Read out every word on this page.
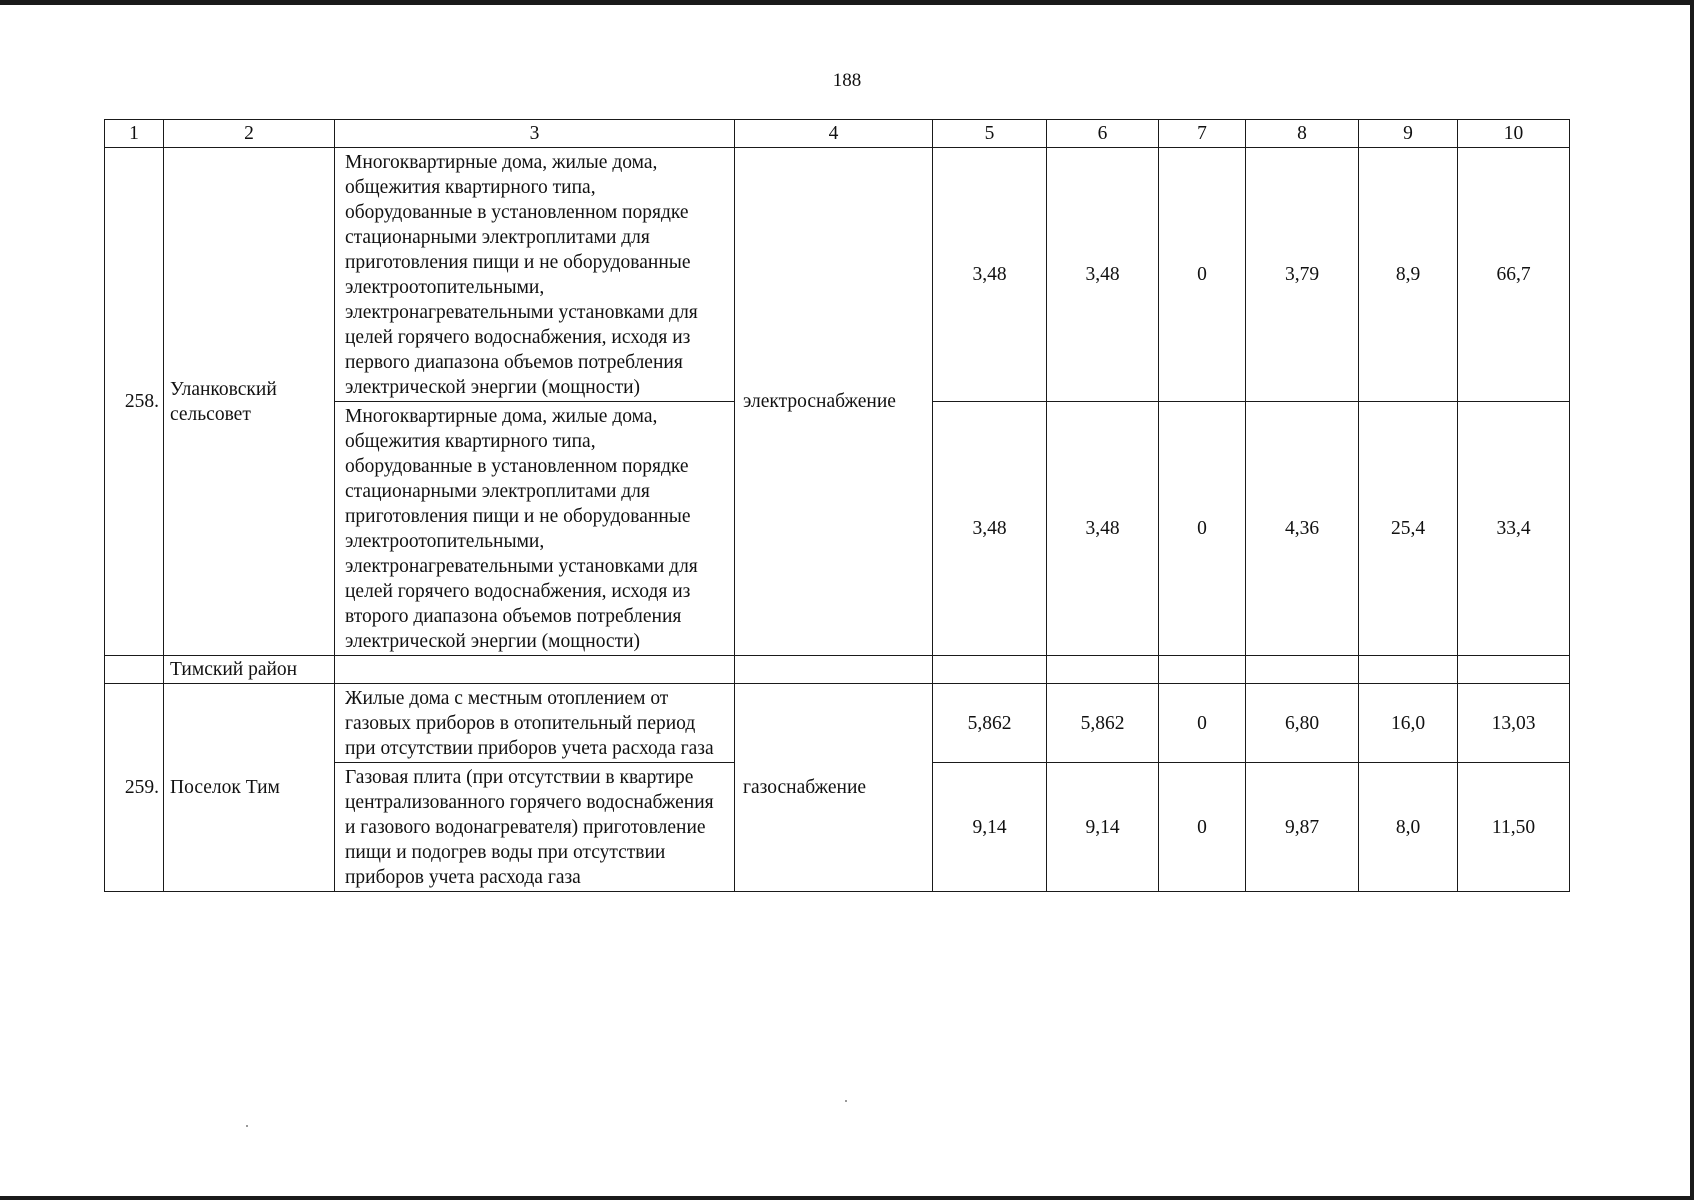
188
1	2	3	4	5	6	7	8	9	10
258.	Уланковский сельсовет	Многоквартирные дома, жилые дома, общежития квартирного типа, оборудованные в установленном порядке стационарными электроплитами для приготовления пищи и не оборудованные электроотопительными, электронагревательными установками для целей горячего водоснабжения, исходя из первого диапазона объемов потребления электрической энергии (мощности)	электроснабжение	3,48	3,48	0	3,79	8,9	66,7
		Многоквартирные дома, жилые дома, общежития квартирного типа, оборудованные в установленном порядке стационарными электроплитами для приготовления пищи и не оборудованные электроотопительными, электронагревательными установками для целей горячего водоснабжения, исходя из второго диапазона объемов потребления электрической энергии (мощности)		3,48	3,48	0	4,36	25,4	33,4
	Тимский район								
259.	Поселок Тим	Жилые дома с местным отоплением от газовых приборов в отопительный период при отсутствии приборов учета расхода газа	газоснабжение	5,862	5,862	0	6,80	16,0	13,03
		Газовая плита (при отсутствии в квартире централизованного горячего водоснабжения и газового водонагревателя) приготовление пищи и подогрев воды при отсутствии приборов учета расхода газа		9,14	9,14	0	9,87	8,0	11,50
